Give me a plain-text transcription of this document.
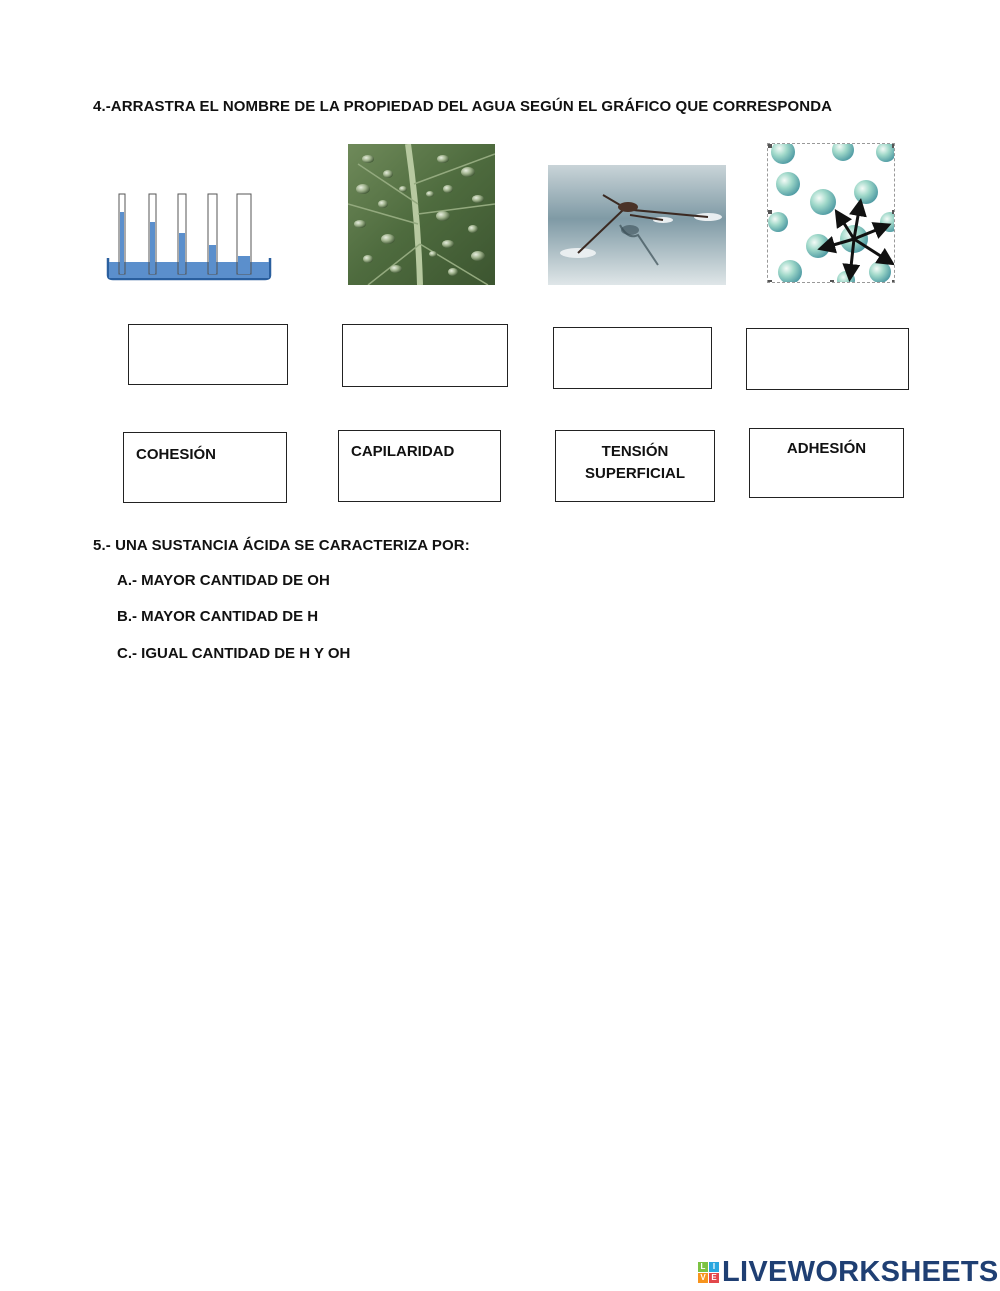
4.-ARRASTRA EL NOMBRE DE LA PROPIEDAD DEL AGUA SEGÚN EL GRÁFICO QUE CORRESPONDA
COHESIÓN	CAPILARIDAD	TENSIÓN
SUPERFICIAL
ADHESIÓN
5.- UNA SUSTANCIA ÁCIDA SE CARACTERIZA POR:
A.- MAYOR CANTIDAD DE OH
B.- MAYOR CANTIDAD DE H
C.- IGUAL CANTIDAD DE H Y OH
L I
V E LIVEWORKSHEETS
